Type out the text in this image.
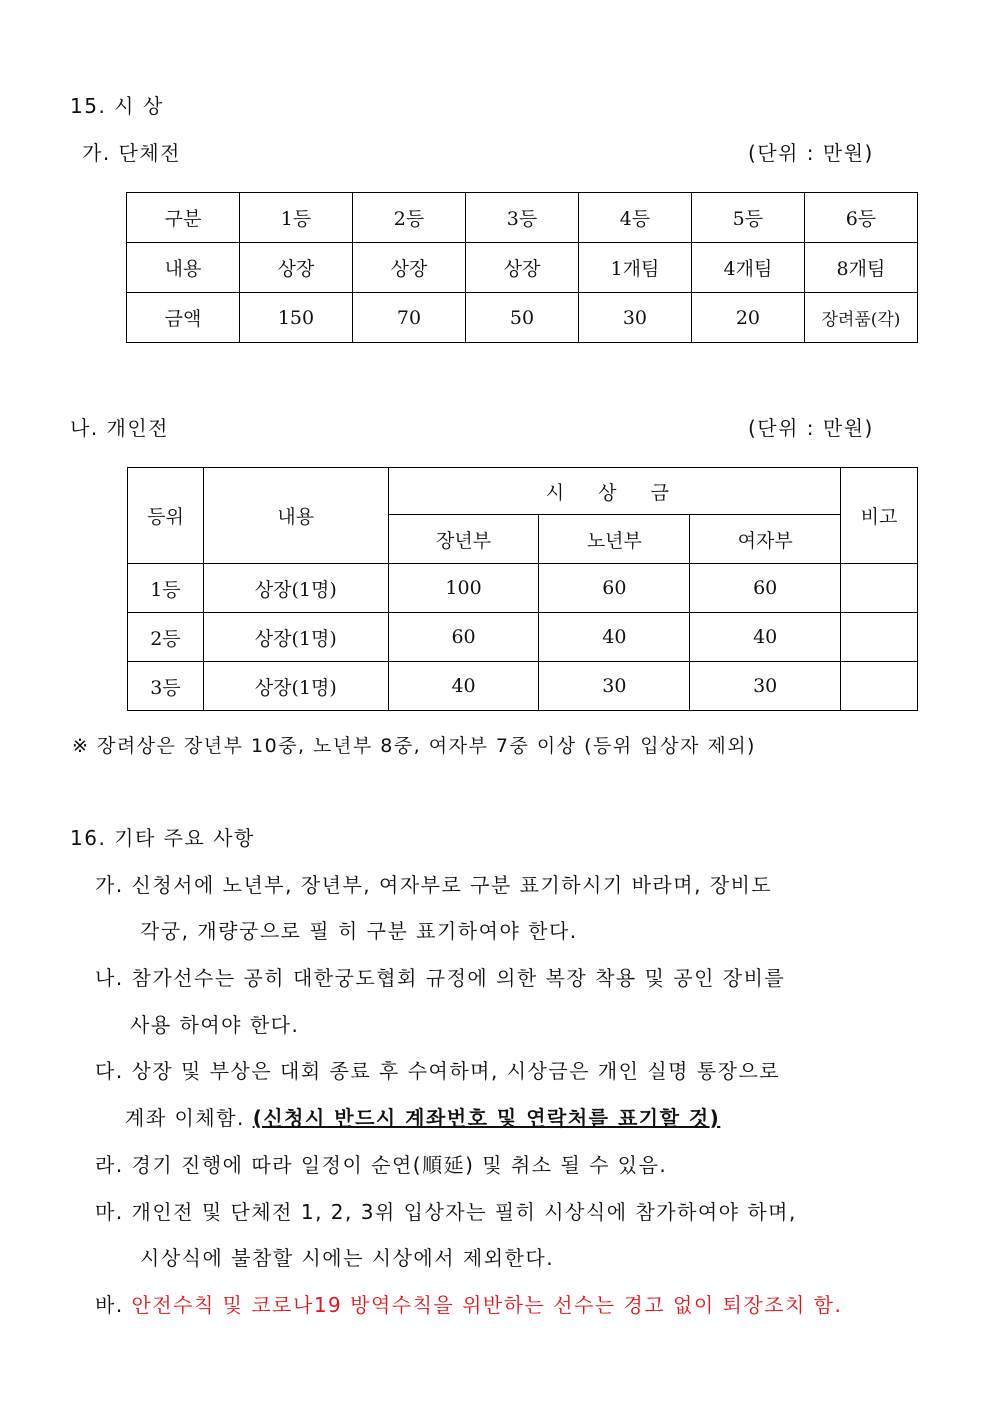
15. 시 상
가. 단체전	(단위 : 만원)
구분	1등	2등	3등	4등	5등	6등
내용	상장	상장	상장	1개팀	4개팀	8개팀
금액	150	70	50	30	20	장려품(각)
나. 개인전	(단위 : 만원)
등위	내용	시 상 금			비고
		장년부	노년부	여자부	
1등	상장(1명)	100	60	60	
2등	상장(1명)	60	40	40	
3등	상장(1명)	40	30	30	
※ 장려상은 장년부 10중, 노년부 8중, 여자부 7중 이상 (등위 입상자 제외)
16. 기타 주요 사항
가. 신청서에 노년부, 장년부, 여자부로 구분 표기하시기 바라며, 장비도
각궁, 개량궁으로 필 히 구분 표기하여야 한다.
나. 참가선수는 공히 대한궁도협회 규정에 의한 복장 착용 및 공인 장비를
사용 하여야 한다.
다. 상장 및 부상은 대회 종료 후 수여하며, 시상금은 개인 실명 통장으로
계좌 이체함. (신청시 반드시 계좌번호 및 연락처를 표기할 것)
라. 경기 진행에 따라 일정이 순연(順延) 및 취소 될 수 있음.
마. 개인전 및 단체전 1, 2, 3위 입상자는 필히 시상식에 참가하여야 하며,
시상식에 불참할 시에는 시상에서 제외한다.
바. 안전수칙 및 코로나19 방역수칙을 위반하는 선수는 경고 없이 퇴장조치 함.
